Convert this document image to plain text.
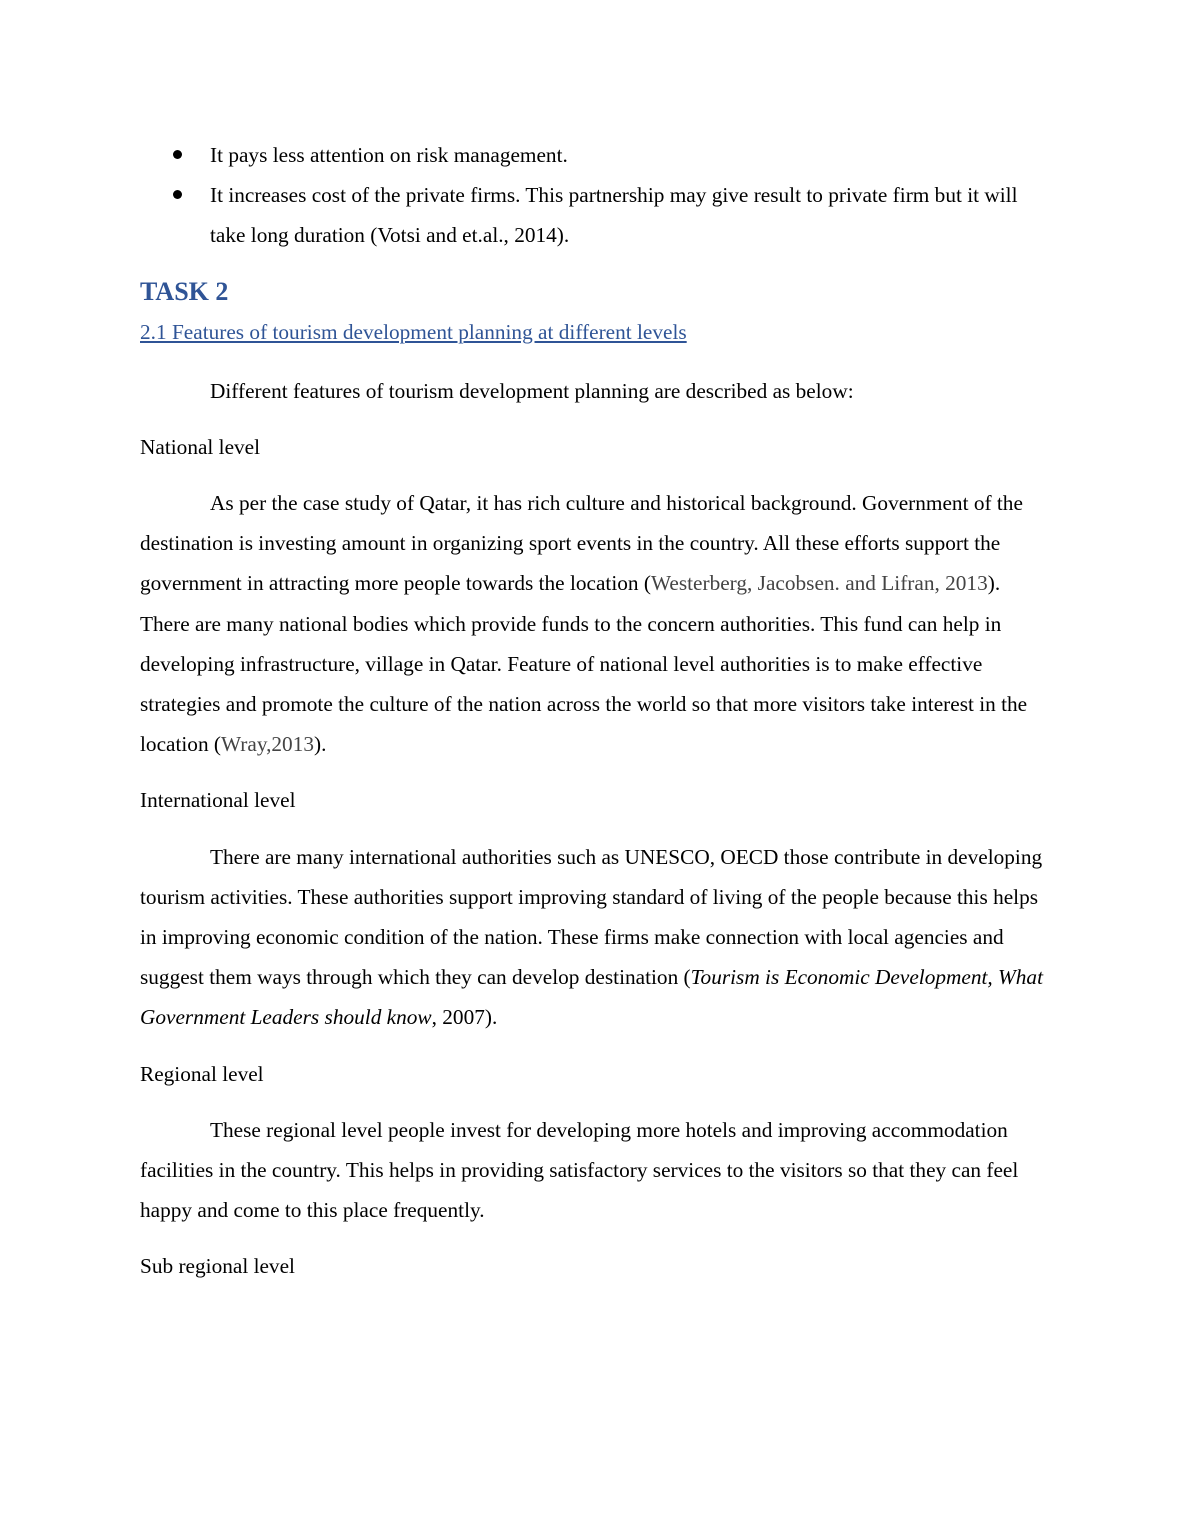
It pays less attention on risk management.
It increases cost of the private firms. This partnership may give result to private firm but it will take long duration (Votsi and et.al., 2014).
TASK 2
2.1 Features of tourism development planning at different levels

Different features of tourism development planning are described as below:

National level

As per the case study of Qatar, it has rich culture and historical background. Government of the destination is investing amount in organizing sport events in the country. All these efforts support the government in attracting more people towards the location (Westerberg, Jacobsen. and Lifran, 2013). There are many national bodies which provide funds to the concern authorities. This fund can help in developing infrastructure, village in Qatar. Feature of national level authorities is to make effective strategies and promote the culture of the nation across the world so that more visitors take interest in the location (Wray,2013).

International level

There are many international authorities such as UNESCO, OECD those contribute in developing tourism activities. These authorities support improving standard of living of the people because this helps in improving economic condition of the nation. These firms make connection with local agencies and suggest them ways through which they can develop destination (Tourism is Economic Development, What Government Leaders should know, 2007).

Regional level

These regional level people invest for developing more hotels and improving accommodation facilities in the country. This helps in providing satisfactory services to the visitors so that they can feel happy and come to this place frequently.

Sub regional level
